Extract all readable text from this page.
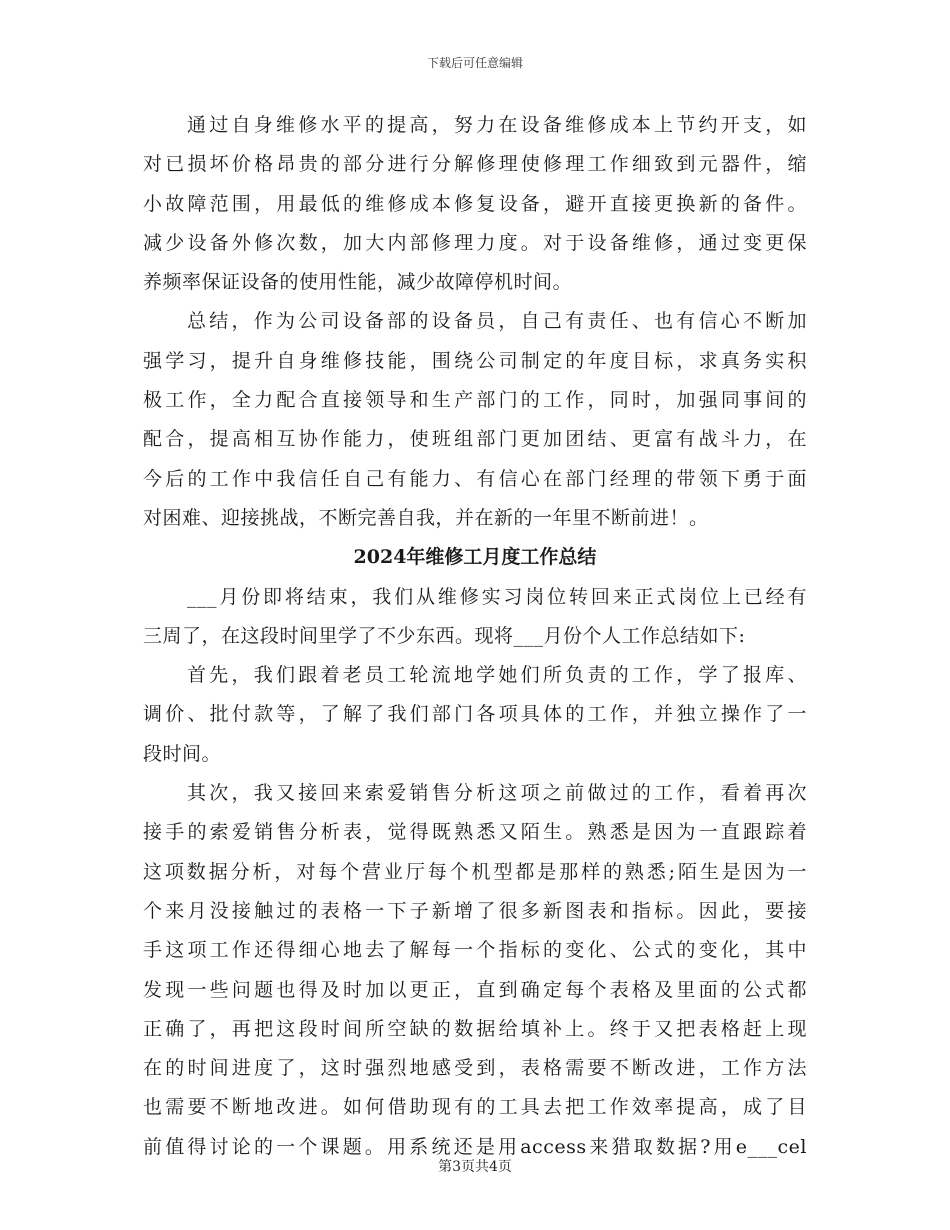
下载后可任意编辑
通过自身维修水平的提高，努力在设备维修成本上节约开支，如
对已损坏价格昂贵的部分进行分解修理使修理工作细致到元器件，缩
小故障范围，用最低的维修成本修复设备，避开直接更换新的备件。
减少设备外修次数，加大内部修理力度。对于设备维修，通过变更保
养频率保证设备的使用性能，减少故障停机时间。
总结，作为公司设备部的设备员，自己有责任、也有信心不断加
强学习，提升自身维修技能，围绕公司制定的年度目标，求真务实积
极工作，全力配合直接领导和生产部门的工作，同时，加强同事间的
配合，提高相互协作能力，使班组部门更加团结、更富有战斗力，在
今后的工作中我信任自己有能力、有信心在部门经理的带领下勇于面
对困难、迎接挑战，不断完善自我，并在新的一年里不断前进！。
2024年维修工月度工作总结
___月份即将结束，我们从维修实习岗位转回来正式岗位上已经有
三周了，在这段时间里学了不少东西。现将___月份个人工作总结如下:
首先，我们跟着老员工轮流地学她们所负责的工作，学了报库、
调价、批付款等，了解了我们部门各项具体的工作，并独立操作了一
段时间。
其次，我又接回来索爱销售分析这项之前做过的工作，看着再次
接手的索爱销售分析表，觉得既熟悉又陌生。熟悉是因为一直跟踪着
这项数据分析，对每个营业厅每个机型都是那样的熟悉;陌生是因为一
个来月没接触过的表格一下子新增了很多新图表和指标。因此，要接
手这项工作还得细心地去了解每一个指标的变化、公式的变化，其中
发现一些问题也得及时加以更正，直到确定每个表格及里面的公式都
正确了，再把这段时间所空缺的数据给填补上。终于又把表格赶上现
在的时间进度了，这时强烈地感受到，表格需要不断改进，工作方法
也需要不断地改进。如何借助现有的工具去把工作效率提高，成了目
前值得讨论的一个课题。用系统还是用access来猎取数据?用e___cel
第3页共4页
